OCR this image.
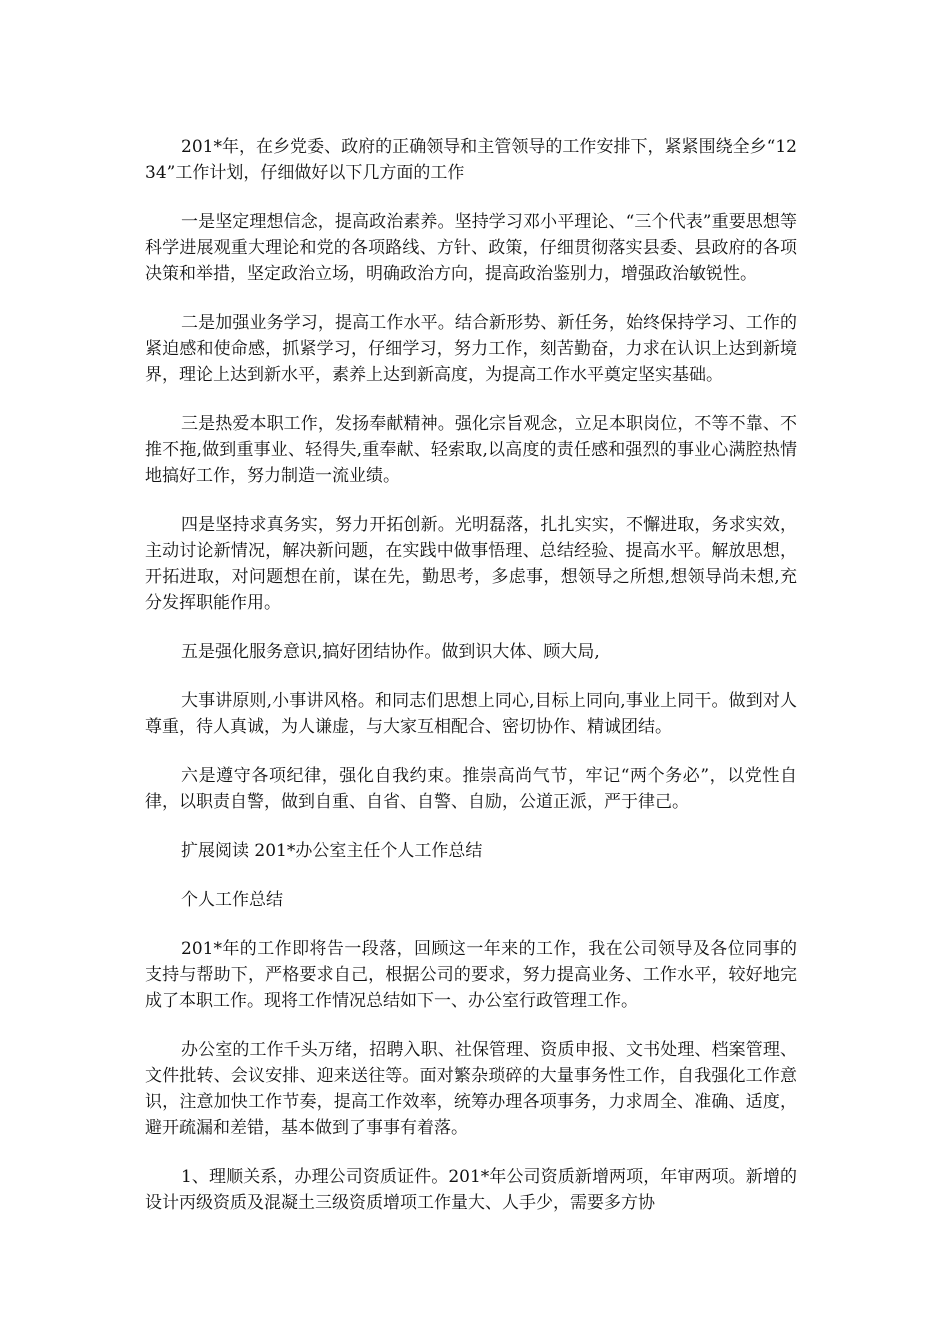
201*年，在乡党委、政府的正确领导和主管领导的工作安排下，紧紧围绕全乡“1234”工作计划，仔细做好以下几方面的工作

一是坚定理想信念，提高政治素养。坚持学习邓小平理论、“三个代表”重要思想等科学进展观重大理论和党的各项路线、方针、政策，仔细贯彻落实县委、县政府的各项决策和举措，坚定政治立场，明确政治方向，提高政治鉴别力，增强政治敏锐性。

二是加强业务学习，提高工作水平。结合新形势、新任务，始终保持学习、工作的紧迫感和使命感，抓紧学习，仔细学习，努力工作，刻苦勤奋，力求在认识上达到新境界，理论上达到新水平，素养上达到新高度，为提高工作水平奠定坚实基础。

三是热爱本职工作，发扬奉献精神。强化宗旨观念，立足本职岗位，不等不靠、不推不拖,做到重事业、轻得失,重奉献、轻索取,以高度的责任感和强烈的事业心满腔热情地搞好工作，努力制造一流业绩。

四是坚持求真务实，努力开拓创新。光明磊落，扎扎实实，不懈进取，务求实效，主动讨论新情况，解决新问题，在实践中做事悟理、总结经验、提高水平。解放思想，开拓进取，对问题想在前，谋在先，勤思考，多虑事，想领导之所想,想领导尚未想,充分发挥职能作用。

五是强化服务意识,搞好团结协作。做到识大体、顾大局,

大事讲原则,小事讲风格。和同志们思想上同心,目标上同向,事业上同干。做到对人尊重，待人真诚，为人谦虚，与大家互相配合、密切协作、精诚团结。

六是遵守各项纪律，强化自我约束。推崇高尚气节，牢记“两个务必”，以党性自律，以职责自警，做到自重、自省、自警、自励，公道正派，严于律己。

扩展阅读 201*办公室主任个人工作总结

个人工作总结

201*年的工作即将告一段落，回顾这一年来的工作，我在公司领导及各位同事的支持与帮助下，严格要求自己，根据公司的要求，努力提高业务、工作水平，较好地完成了本职工作。现将工作情况总结如下一、办公室行政管理工作。

办公室的工作千头万绪，招聘入职、社保管理、资质申报、文书处理、档案管理、文件批转、会议安排、迎来送往等。面对繁杂琐碎的大量事务性工作，自我强化工作意识，注意加快工作节奏，提高工作效率，统筹办理各项事务，力求周全、准确、适度，避开疏漏和差错，基本做到了事事有着落。

1、理顺关系，办理公司资质证件。201*年公司资质新增两项，年审两项。新增的设计丙级资质及混凝土三级资质增项工作量大、人手少，需要多方协
